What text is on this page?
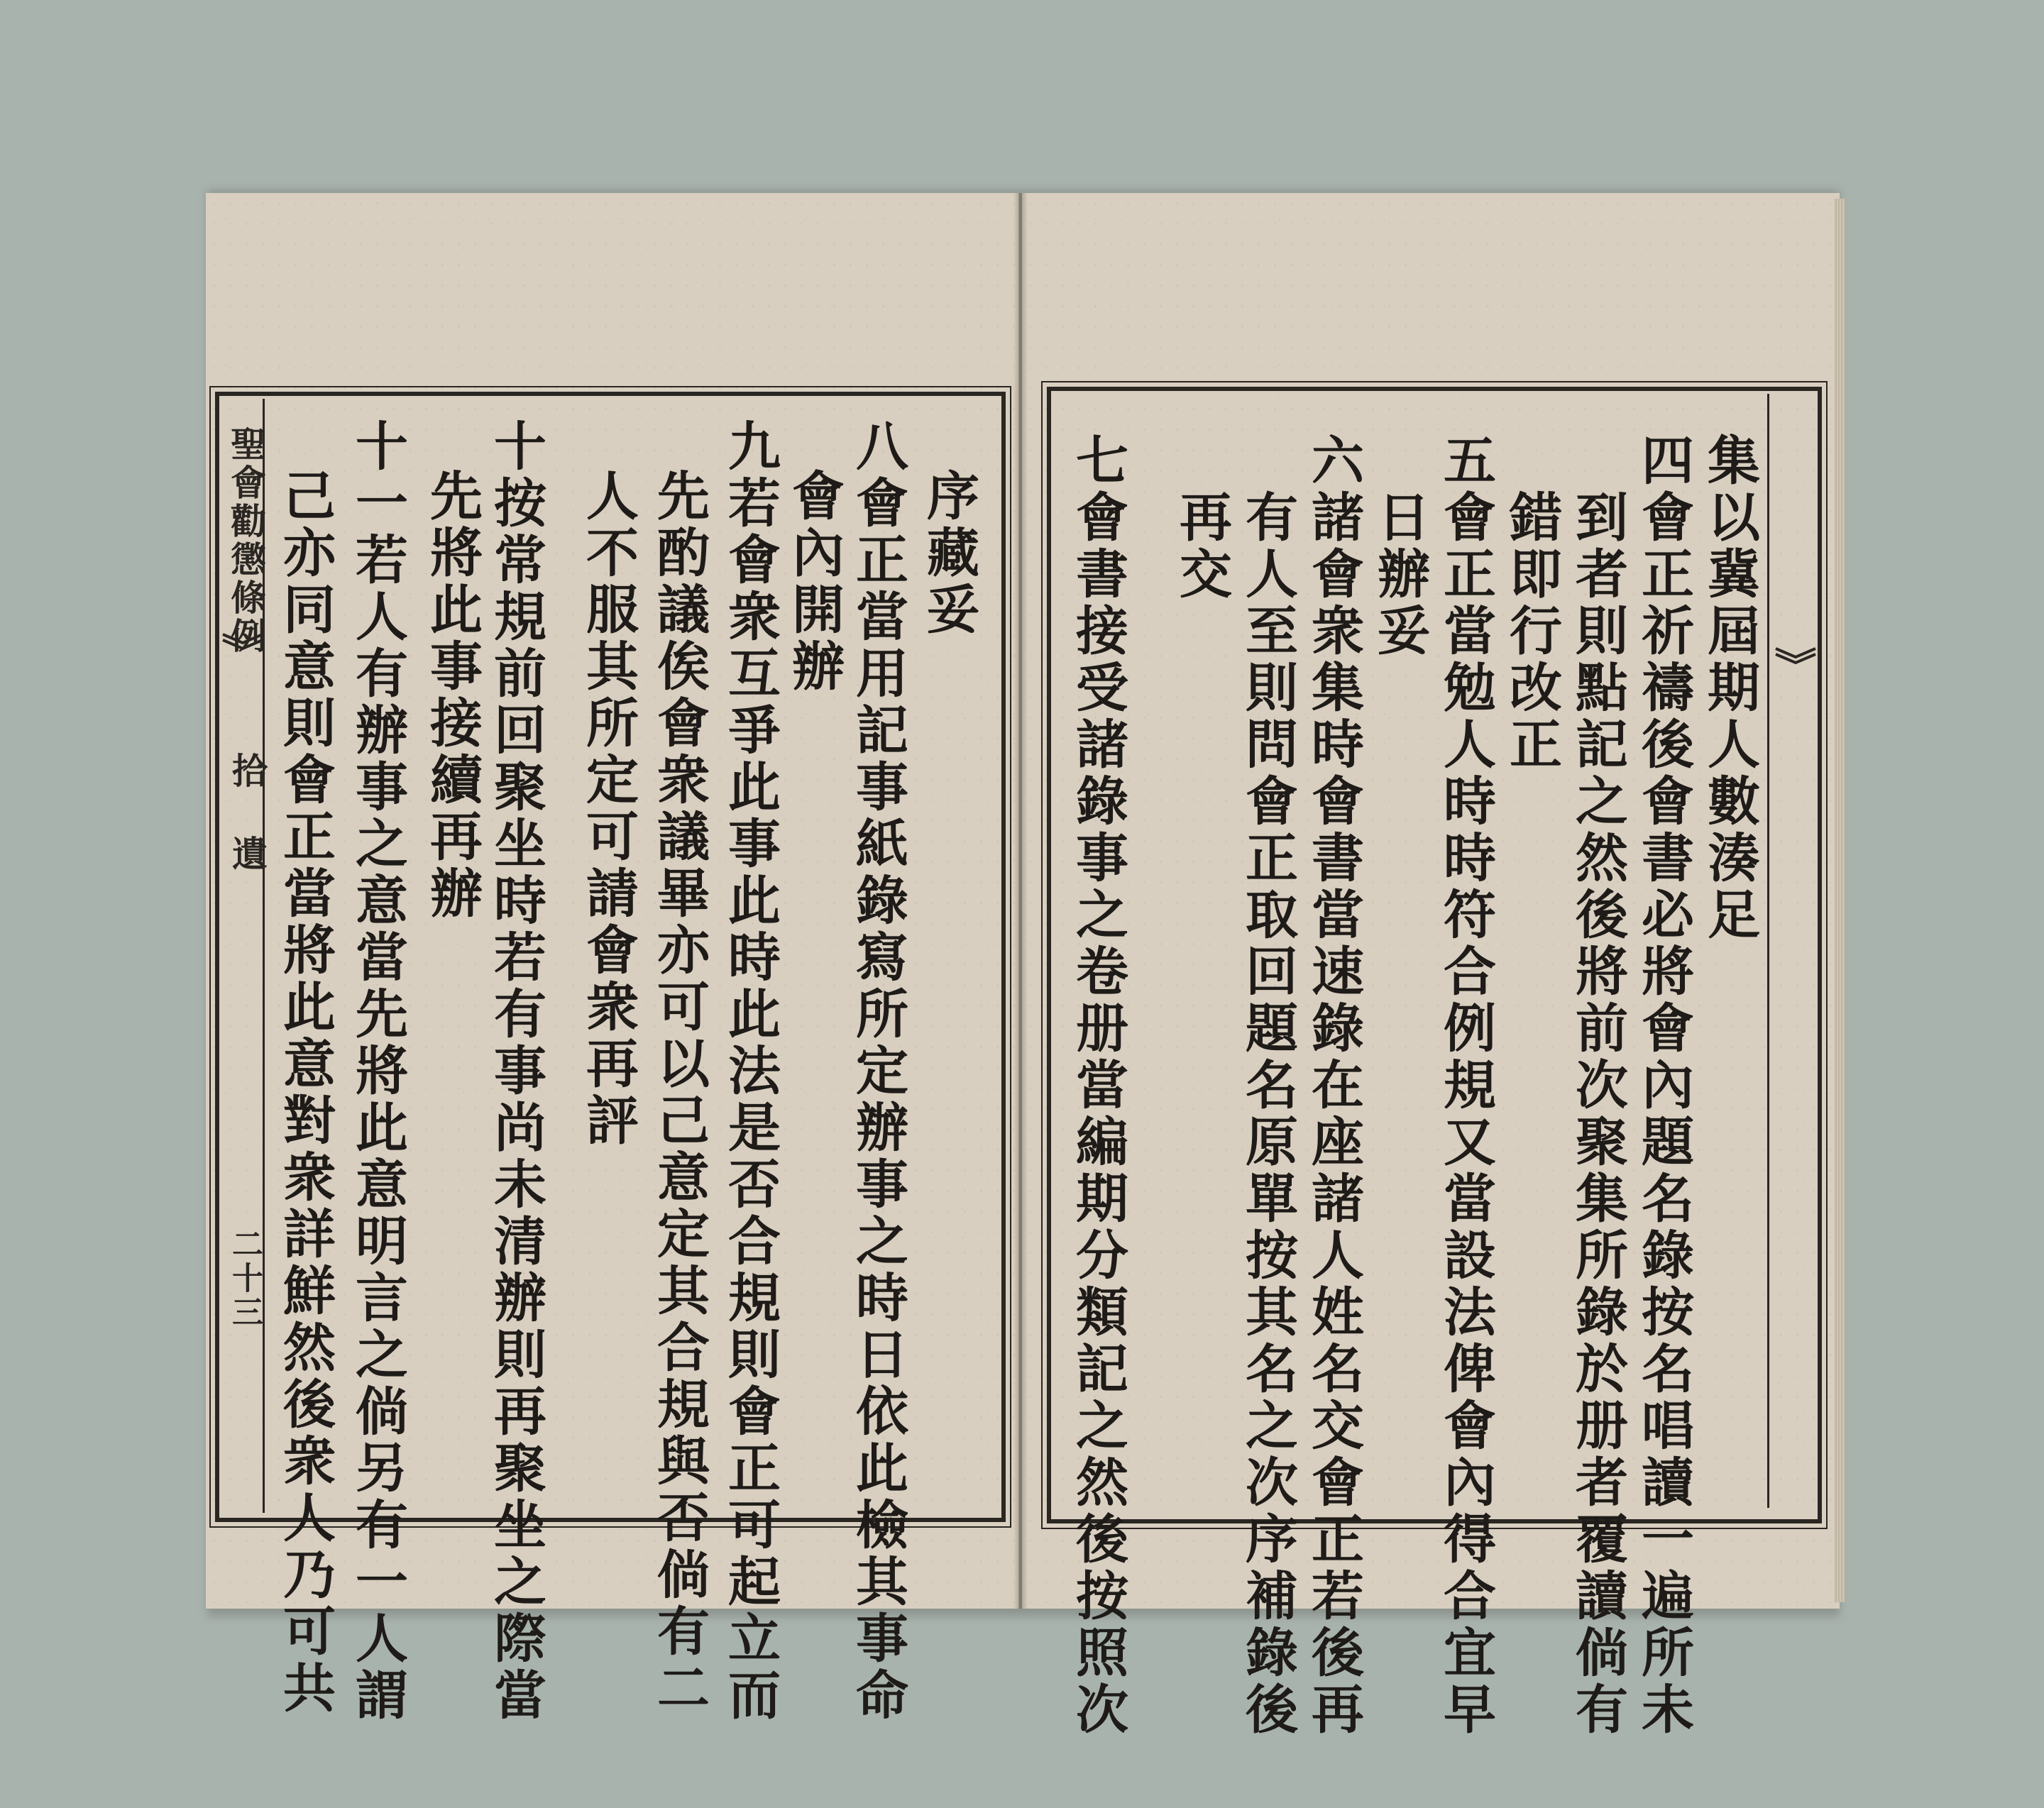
聖會勸懲條例
拾 遺
二十三
集以冀屆期人數湊足
四會正祈禱後會書必將會內題名錄按名唱讀一遍所未
到者則點記之然後將前次聚集所錄於册者覆讀倘有
錯即行改正
五會正當勉人時時符合例規又當設法俾會內得合宜早
日辦妥
六諸會衆集時會書當速錄在座諸人姓名交會正若後再
有人至則問會正取回題名原單按其名之次序補錄後
再交
七會書接受諸錄事之卷册當編期分類記之然後按照次
序藏妥
八會正當用記事紙錄寫所定辦事之時日依此檢其事命
會內開辦
九若會衆互爭此事此時此法是否合規則會正可起立而
先酌議俟會衆議畢亦可以己意定其合規與否倘有二
人不服其所定可請會衆再評
十按常規前回聚坐時若有事尚未清辦則再聚坐之際當
先將此事接續再辦
十一若人有辦事之意當先將此意明言之倘另有一人謂
己亦同意則會正當將此意對衆詳鮮然後衆人乃可共
